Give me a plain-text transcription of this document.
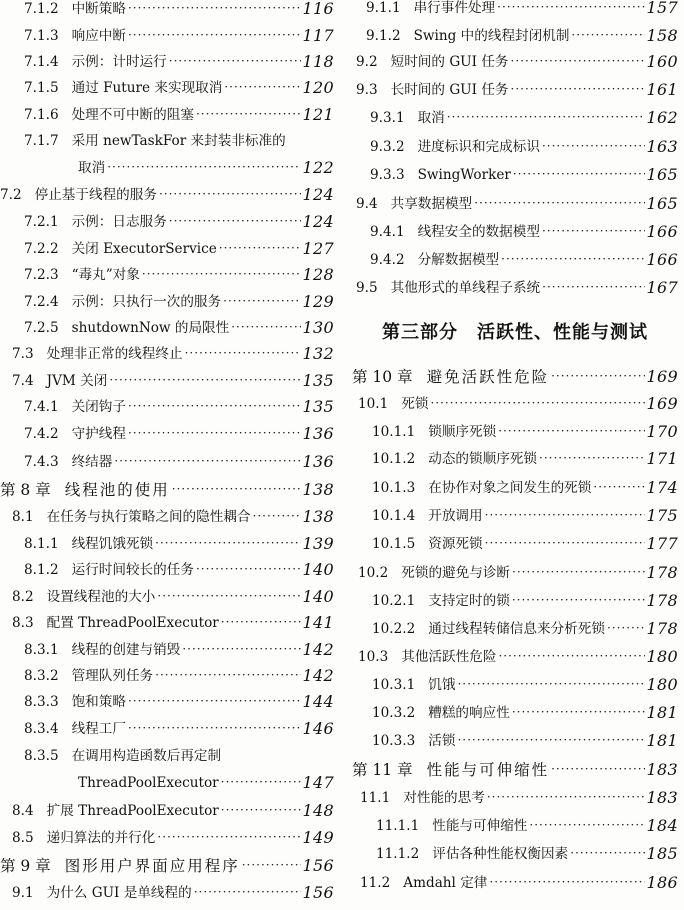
7.1.2 中断策略 ·····	116
7.1.3 响应中断 ·····	117
7.1.4 示例：计时运行 ·····	118
7.1.5 通过 Future 来实现取消 ·····	120
7.1.6 处理不可中断的阻塞 ·····	121
7.1.7 采用 newTaskFor 来封装非标准的
取消 ·····	122
7.2 停止基于线程的服务 ·····	124
7.2.1 示例：日志服务 ·····	124
7.2.2 关闭 ExecutorService ·····	127
7.2.3 “毒丸”对象 ·····	128
7.2.4 示例：只执行一次的服务 ·····	129
7.2.5 shutdownNow 的局限性 ·····	130
7.3 处理非正常的线程终止 ·····	132
7.4 JVM 关闭 ·····	135
7.4.1 关闭钩子 ·····	135
7.4.2 守护线程 ·····	136
7.4.3 终结器 ·····	136
第 8 章 线程池的使用 ·····	138
8.1 在任务与执行策略之间的隐性耦合 ·····	138
8.1.1 线程饥饿死锁 ·····	139
8.1.2 运行时间较长的任务 ·····	140
8.2 设置线程池的大小 ·····	140
8.3 配置 ThreadPoolExecutor ·····	141
8.3.1 线程的创建与销毁 ·····	142
8.3.2 管理队列任务 ·····	142
8.3.3 饱和策略 ·····	144
8.3.4 线程工厂 ·····	146
8.3.5 在调用构造函数后再定制
ThreadPoolExecutor ·····	147
8.4 扩展 ThreadPoolExecutor ·····	148
8.5 递归算法的并行化 ·····	149
第 9 章 图形用户界面应用程序 ·····	156
9.1 为什么 GUI 是单线程的 ·····	156
第三部分　活跃性、性能与测试
9.1.1 串行事件处理 ·····	157
9.1.2 Swing 中的线程封闭机制 ·····	158
9.2 短时间的 GUI 任务 ·····	160
9.3 长时间的 GUI 任务 ·····	161
9.3.1 取消 ·····	162
9.3.2 进度标识和完成标识 ·····	163
9.3.3 SwingWorker ·····	165
9.4 共享数据模型 ·····	165
9.4.1 线程安全的数据模型 ·····	166
9.4.2 分解数据模型 ·····	166
9.5 其他形式的单线程子系统 ·····	167
第 10 章 避免活跃性危险 ·····	169
10.1 死锁 ·····	169
10.1.1 锁顺序死锁 ·····	170
10.1.2 动态的锁顺序死锁 ·····	171
10.1.3 在协作对象之间发生的死锁 ·····	174
10.1.4 开放调用 ·····	175
10.1.5 资源死锁 ·····	177
10.2 死锁的避免与诊断 ·····	178
10.2.1 支持定时的锁 ·····	178
10.2.2 通过线程转储信息来分析死锁 ·····	178
10.3 其他活跃性危险 ·····	180
10.3.1 饥饿 ·····	180
10.3.2 糟糕的响应性 ·····	181
10.3.3 活锁 ·····	181
第 11 章 性能与可伸缩性 ·····	183
11.1 对性能的思考 ·····	183
11.1.1 性能与可伸缩性 ·····	184
11.1.2 评估各种性能权衡因素 ·····	185
11.2 Amdahl 定律 ·····	186
